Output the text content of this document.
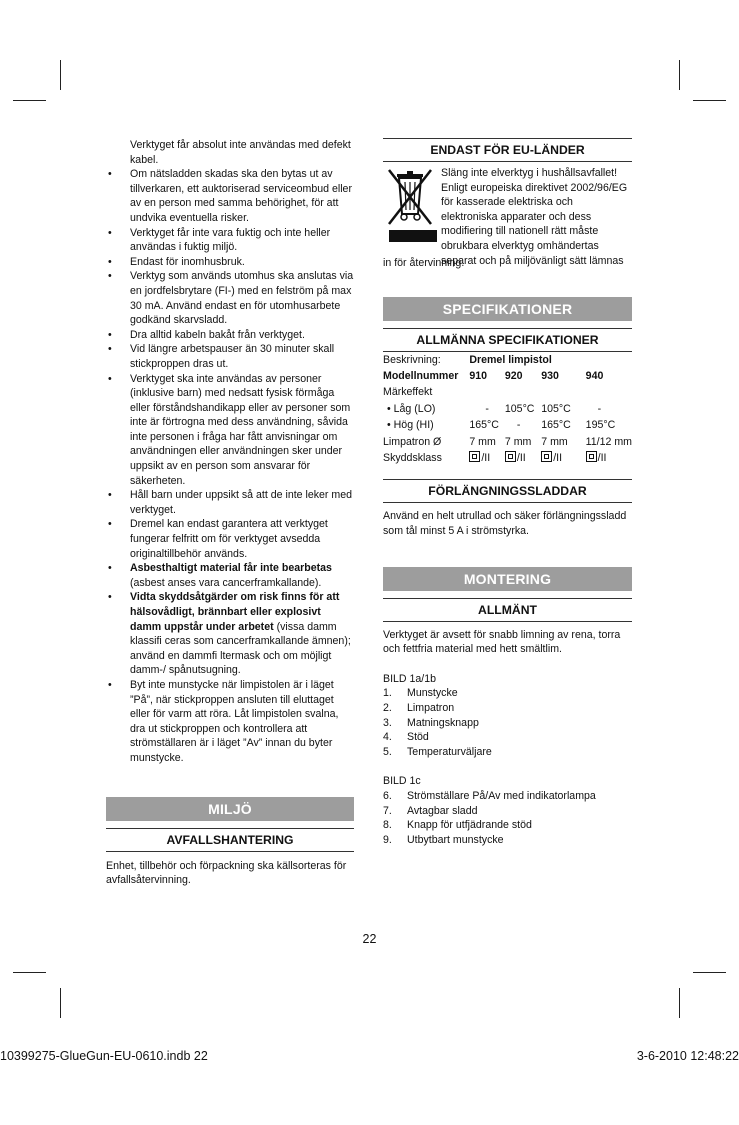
Verktyget får absolut inte användas med defekt kabel.

• Om nätsladden skadas ska den bytas ut av tillverkaren, ett auktoriserad serviceombud eller av en person med samma behörighet, för att undvika eventuella risker.
• Verktyget får inte vara fuktig och inte heller användas i fuktig miljö.
• Endast för inomhusbruk.
• Verktyg som används utomhus ska anslutas via en jordfelsbrytare (FI-) med en felström på max 30 mA. Använd endast en för utomhusarbete godkänd skarvsladd.
• Dra alltid kabeln bakåt från verktyget.
• Vid längre arbetspauser än 30 minuter skall stickproppen dras ut.
• Verktyget ska inte användas av personer (inklusive barn) med nedsatt fysisk förmåga eller förståndshandikapp eller av personer som inte är förtrogna med dess användning, såvida inte personen i fråga har fått anvisningar om användningen eller användningen sker under uppsikt av en person som ansvarar för säkerheten.
• Håll barn under uppsikt så att de inte leker med verktyget.
• Dremel kan endast garantera att verktyget fungerar felfritt om för verktyget avsedda originaltillbehör används.
• Asbesthaltigt material får inte bearbetas (asbest anses vara cancerframkallande).
• Vidta skyddsåtgärder om risk finns för att hälsovådligt, brännbart eller explosivt damm uppstår under arbetet (vissa damm klassifi ceras som cancerframkallande ämnen); använd en dammfi ltermask och om möjligt damm-/ spånutsugning.
• Byt inte munstycke när limpistolen är i läget ”På”, när stickproppen ansluten till eluttaget eller för varm att röra. Låt limpistolen svalna, dra ut stickproppen och kontrollera att strömställaren är i läget ”Av” innan du byter munstycke.
MILJÖ
AVFALLSHANTERING

Enhet, tillbehör och förpackning ska källsorteras för avfallsåtervinning.

ENDAST FÖR EU-LÄNDER

Släng inte elverktyg i hushållsavfallet! Enligt europeiska direktivet 2002/96/EG för kasserade elektriska och elektroniska apparater och dess modifiering till nationell rätt måste obrukbara elverktyg omhändertas separat och på miljövänligt sätt lämnas

in för återvinning.

SPECIFIKATIONER
ALLMÄNNA SPECIFIKATIONER
Beskrivning:	Dremel limpistol			
Modellnummer	910	920	930	940
Märkeffekt				
• Låg (LO)	-	105°C	105°C	-
• Hög (HI)	165°C	-	165°C	195°C
Limpatron Ø	7 mm	7 mm	7 mm	11/12 mm
Skyddsklass	/II	/II	/II	/II
FÖRLÄNGNINGSSLADDAR

Använd en helt utrullad och säker förlängningssladd som tål minst 5 A i strömstyrka.

MONTERING
ALLMÄNT

Verktyget är avsett för snabb limning av rena, torra och fettfria material med hett smältlim.

BILD 1a/1b

1. Munstycke
2. Limpatron
3. Matningsknapp
4. Stöd
5. Temperaturväljare

BILD 1c

6. Strömställare På/Av med indikatorlampa
7. Avtagbar sladd
8. Knapp för utfjädrande stöd
9. Utbytbart munstycke
22
10399275-GlueGun-EU-0610.indb 22	3-6-2010 12:48:22
